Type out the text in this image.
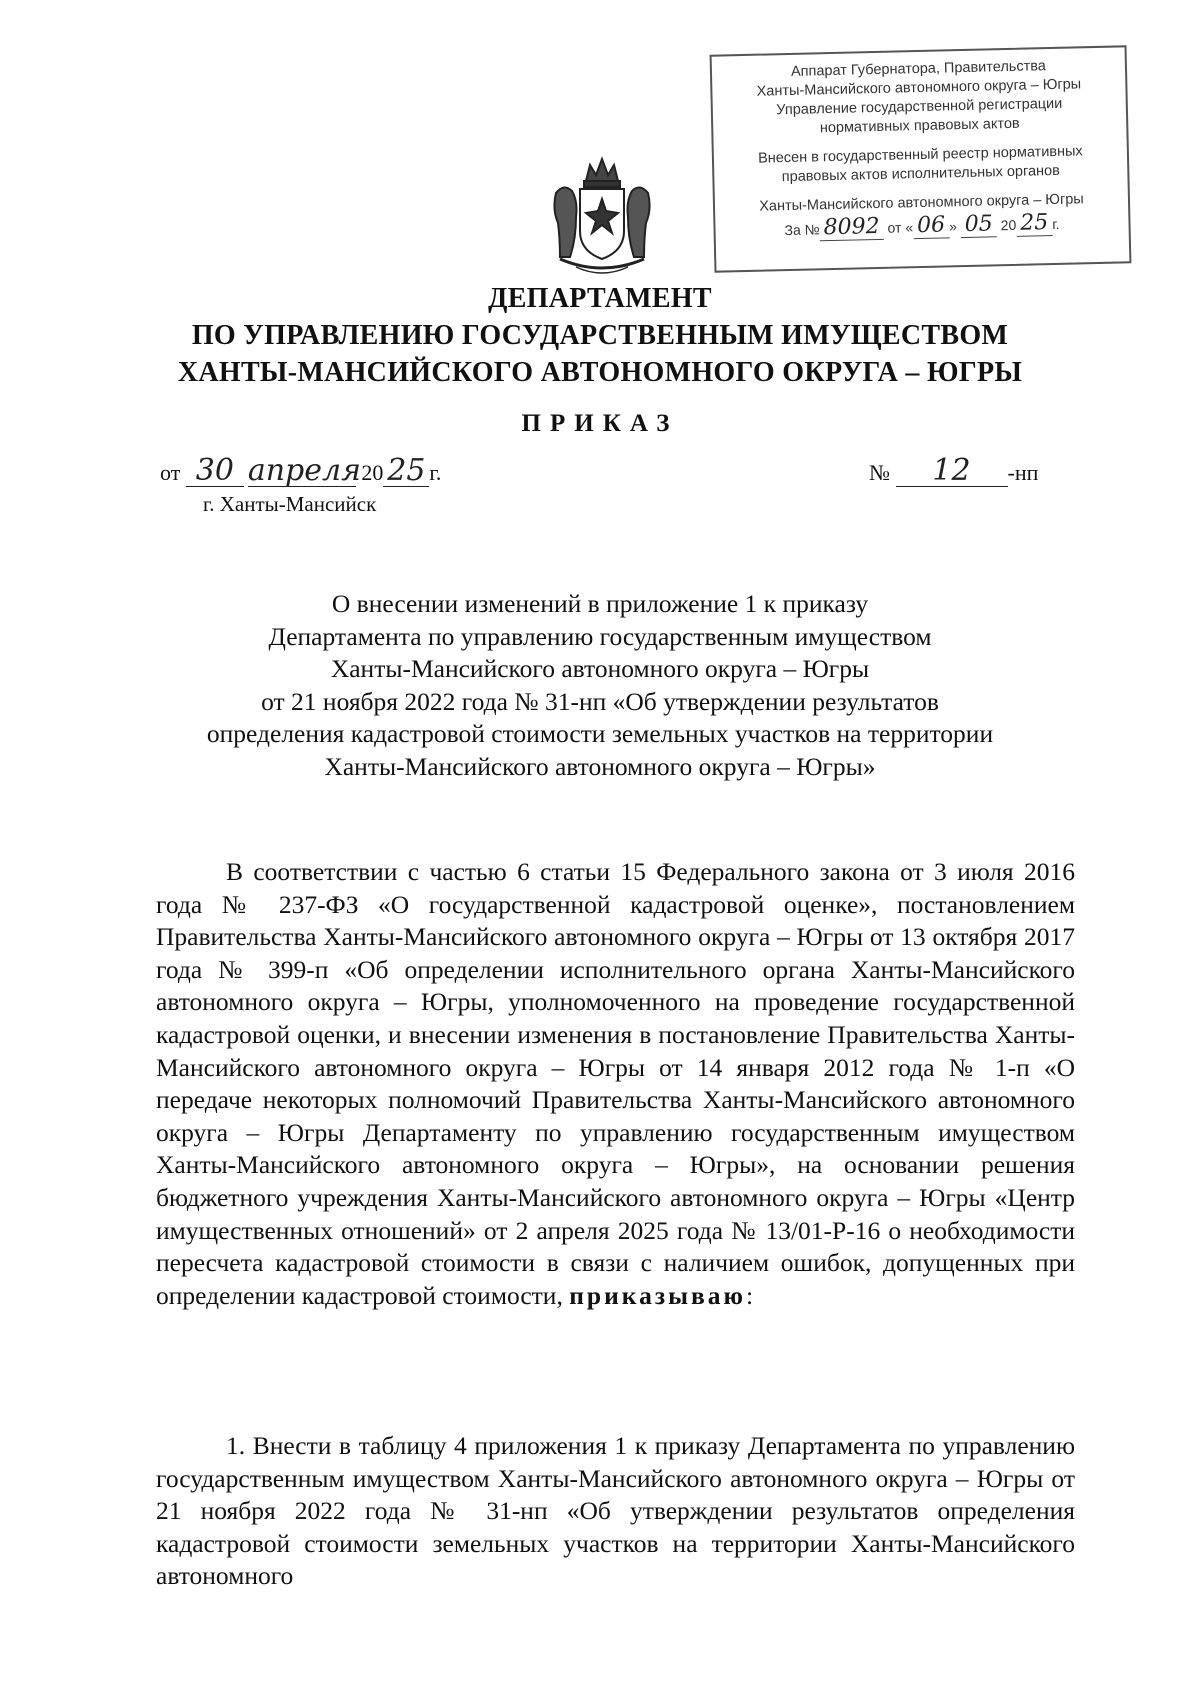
Аппарат Губернатора, Правительства
Ханты-Мансийского автономного округа – Югры
Управление государственной регистрации
нормативных правовых актов
Внесен в государственный реестр нормативных
правовых актов исполнительных органов
Ханты-Мансийского автономного округа – Югры
За № 8092 от « 06 » 05 20 25 г.
ДЕПАРТАМЕНТ
ПО УПРАВЛЕНИЮ ГОСУДАРСТВЕННЫМ ИМУЩЕСТВОМ
ХАНТЫ-МАНСИЙСКОГО АВТОНОМНОГО ОКРУГА – ЮГРЫ
ПРИКАЗ
от 30 апреля 20 25 г.
г. Ханты-Мансийск
№ 12 -нп
О внесении изменений в приложение 1 к приказу
Департамента по управлению государственным имуществом
Ханты-Мансийского автономного округа – Югры
от 21 ноября 2022 года № 31-нп «Об утверждении результатов
определения кадастровой стоимости земельных участков на территории
Ханты-Мансийского автономного округа – Югры»
В соответствии с частью 6 статьи 15 Федерального закона от 3 июля 2016 года № 237-ФЗ «О государственной кадастровой оценке», постановлением Правительства Ханты-Мансийского автономного округа – Югры от 13 октября 2017 года № 399-п «Об определении исполнительного органа Ханты-Мансийского автономного округа – Югры, уполномоченного на проведение государственной кадастровой оценки, и внесении изменения в постановление Правительства Ханты-Мансийского автономного округа – Югры от 14 января 2012 года № 1-п «О передаче некоторых полномочий Правительства Ханты-Мансийского автономного округа – Югры Департаменту по управлению государственным имуществом Ханты-Мансийского автономного округа – Югры», на основании решения бюджетного учреждения Ханты-Мансийского автономного округа – Югры «Центр имущественных отношений» от 2 апреля 2025 года № 13/01-Р-16 о необходимости пересчета кадастровой стоимости в связи с наличием ошибок, допущенных при определении кадастровой стоимости, приказываю:
1. Внести в таблицу 4 приложения 1 к приказу Департамента по управлению государственным имуществом Ханты-Мансийского автономного округа – Югры от 21 ноября 2022 года № 31-нп «Об утверждении результатов определения кадастровой стоимости земельных участков на территории Ханты-Мансийского автономного
